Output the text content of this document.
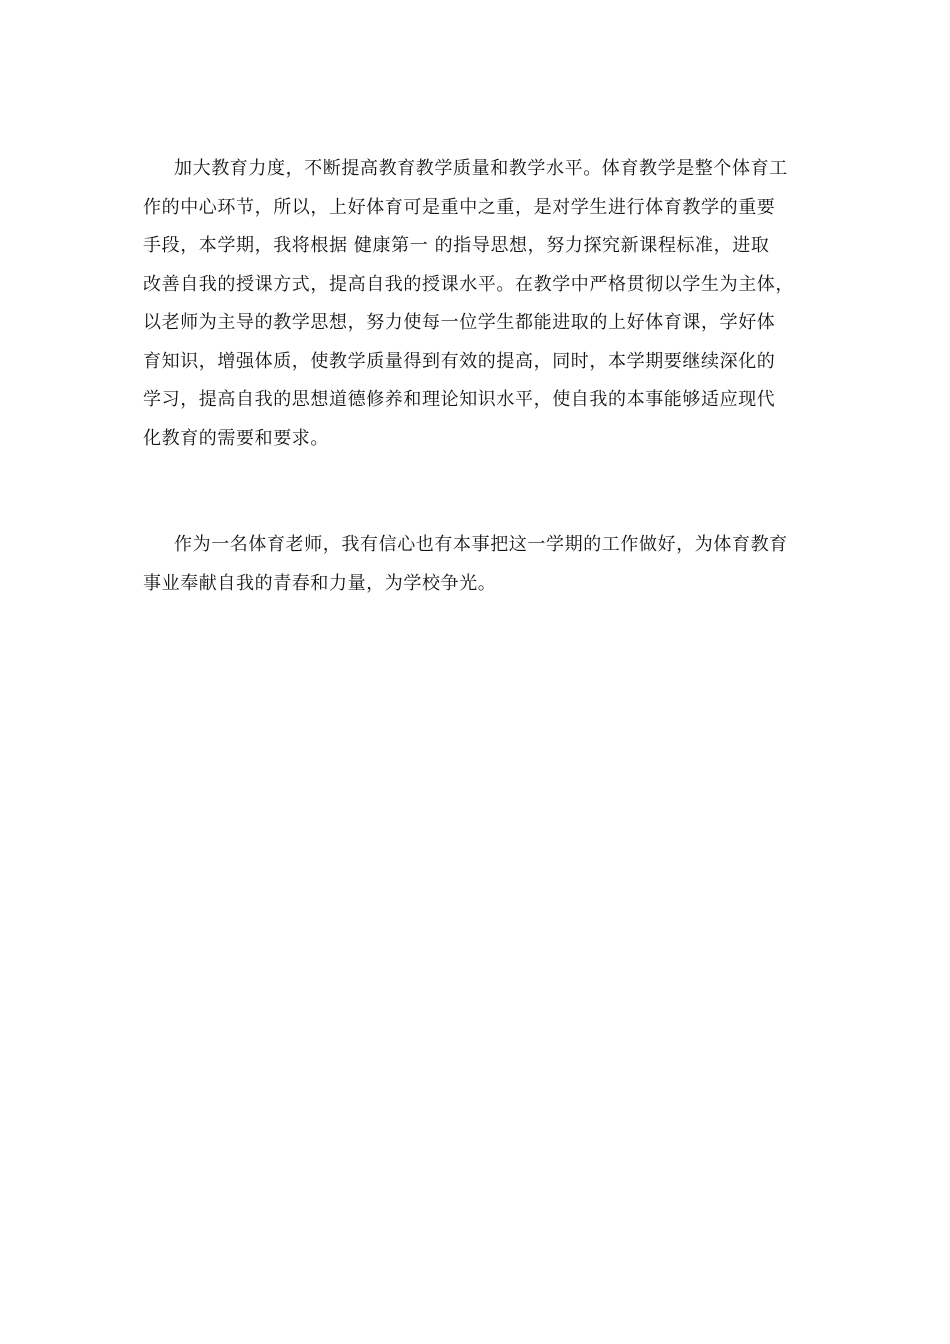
加大教育力度，不断提高教育教学质量和教学水平。体育教学是整个体育工
作的中心环节，所以，上好体育可是重中之重，是对学生进行体育教学的重要
手段，本学期，我将根据 健康第一 的指导思想，努力探究新课程标准，进取
改善自我的授课方式，提高自我的授课水平。在教学中严格贯彻以学生为主体，
以老师为主导的教学思想，努力使每一位学生都能进取的上好体育课，学好体
育知识，增强体质，使教学质量得到有效的提高，同时，本学期要继续深化的
学习，提高自我的思想道德修养和理论知识水平，使自我的本事能够适应现代
化教育的需要和要求。
作为一名体育老师，我有信心也有本事把这一学期的工作做好，为体育教育
事业奉献自我的青春和力量，为学校争光。
